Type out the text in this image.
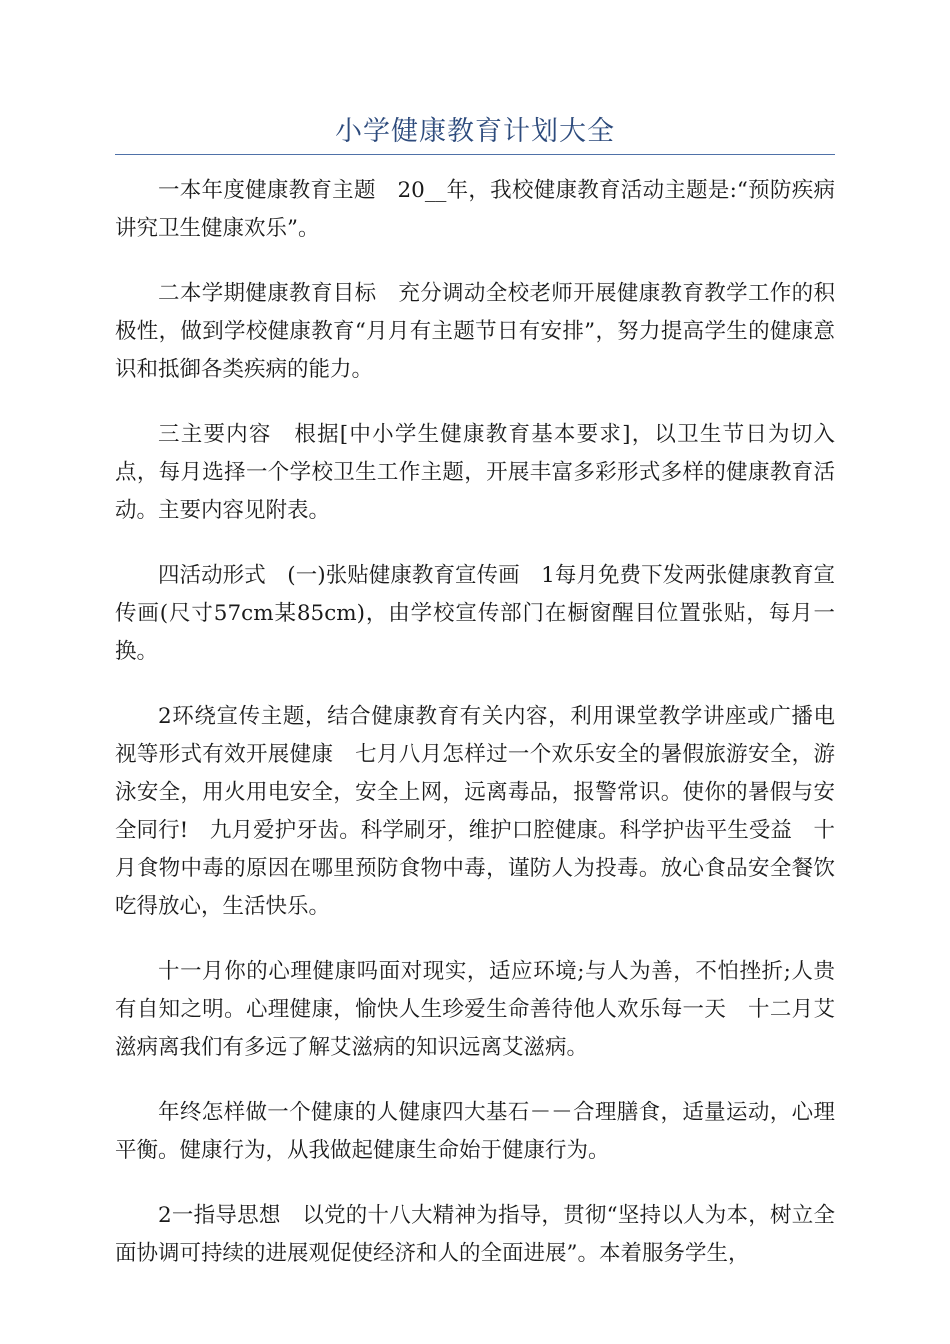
小学健康教育计划大全

一本年度健康教育主题　20__年，我校健康教育活动主题是:“预防疾病讲究卫生健康欢乐”。

二本学期健康教育目标　充分调动全校老师开展健康教育教学工作的积极性，做到学校健康教育“月月有主题节日有安排”，努力提高学生的健康意识和抵御各类疾病的能力。

三主要内容　根据[中小学生健康教育基本要求]，以卫生节日为切入点，每月选择一个学校卫生工作主题，开展丰富多彩形式多样的健康教育活动。主要内容见附表。

四活动形式　(一)张贴健康教育宣传画　1每月免费下发两张健康教育宣传画(尺寸57cm某85cm)，由学校宣传部门在橱窗醒目位置张贴，每月一换。

2环绕宣传主题，结合健康教育有关内容，利用课堂教学讲座或广播电视等形式有效开展健康　七月八月怎样过一个欢乐安全的暑假旅游安全，游泳安全，用火用电安全，安全上网，远离毒品，报警常识。使你的暑假与安全同行!　九月爱护牙齿。科学刷牙，维护口腔健康。科学护齿平生受益　十月食物中毒的原因在哪里预防食物中毒，谨防人为投毒。放心食品安全餐饮吃得放心，生活快乐。

十一月你的心理健康吗面对现实，适应环境;与人为善，不怕挫折;人贵有自知之明。心理健康，愉快人生珍爱生命善待他人欢乐每一天　十二月艾滋病离我们有多远了解艾滋病的知识远离艾滋病。

年终怎样做一个健康的人健康四大基石－－合理膳食，适量运动，心理平衡。健康行为，从我做起健康生命始于健康行为。

2一指导思想　以党的十八大精神为指导，贯彻“坚持以人为本，树立全面协调可持续的进展观促使经济和人的全面进展”。本着服务学生，
